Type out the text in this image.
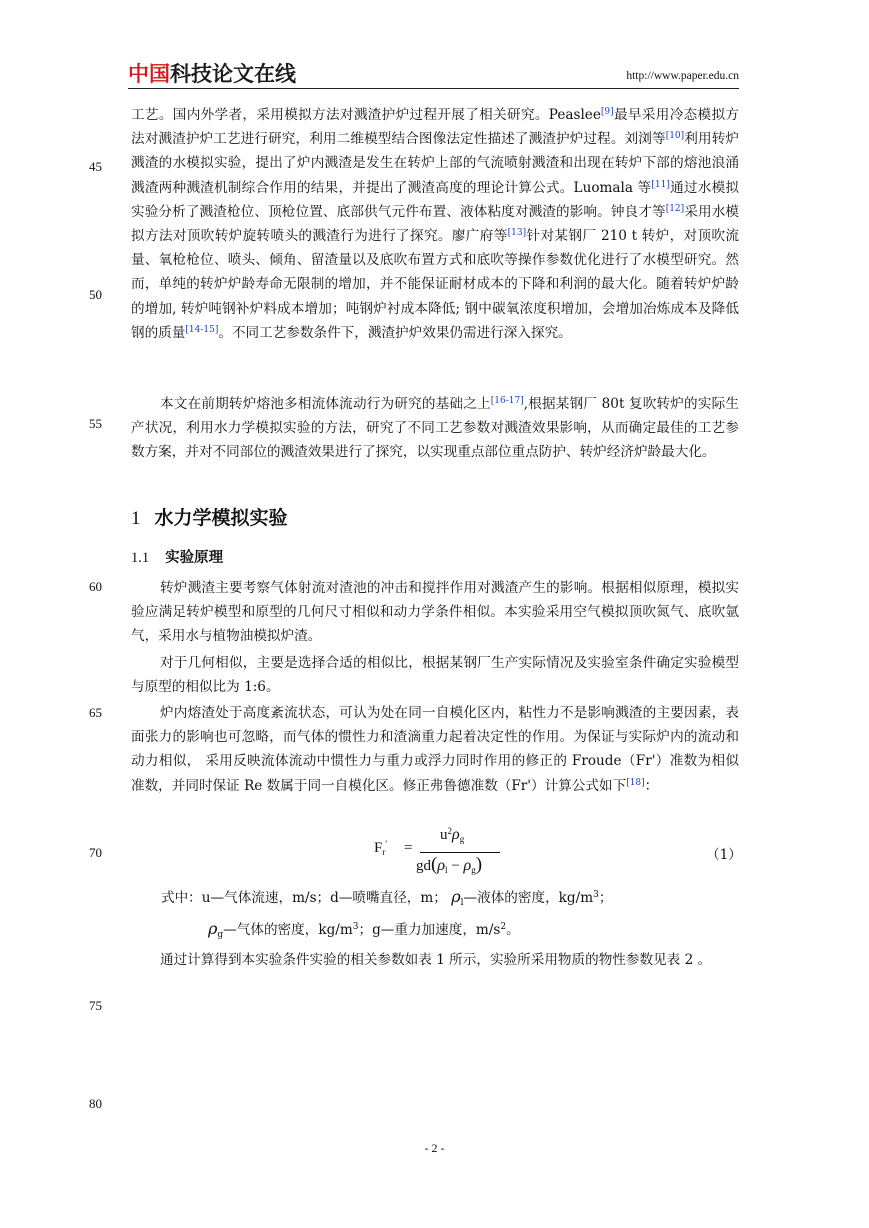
中国科技论文在线	http://www.paper.edu.cn
45
50
55
60
65
70
75
80

工艺。国内外学者，采用模拟方法对溅渣护炉过程开展了相关研究。Peaslee[9]最早采用冷态模拟方法对溅渣护炉工艺进行研究，利用二维模型结合图像法定性描述了溅渣护炉过程。刘浏等[10]利用转炉溅渣的水模拟实验，提出了炉内溅渣是发生在转炉上部的气流喷射溅渣和出现在转炉下部的熔池浪涌溅渣两种溅渣机制综合作用的结果，并提出了溅渣高度的理论计算公式。Luomala 等[11]通过水模拟实验分析了溅渣枪位、顶枪位置、底部供气元件布置、液体粘度对溅渣的影响。钟良才等[12]采用水模拟方法对顶吹转炉旋转喷头的溅渣行为进行了探究。廖广府等[13]针对某钢厂 210 t 转炉，对顶吹流量、氧枪枪位、喷头、倾角、留渣量以及底吹布置方式和底吹等操作参数优化进行了水模型研究。然而，单纯的转炉炉龄寿命无限制的增加，并不能保证耐材成本的下降和利润的最大化。随着转炉炉龄的增加, 转炉吨钢补炉料成本增加；吨钢炉衬成本降低; 钢中碳氧浓度积增加，会增加冶炼成本及降低钢的质量[14-15]。不同工艺参数条件下，溅渣护炉效果仍需进行深入探究。

本文在前期转炉熔池多相流体流动行为研究的基础之上[16-17],根据某钢厂 80t 复吹转炉的实际生产状况，利用水力学模拟实验的方法，研究了不同工艺参数对溅渣效果影响，从而确定最佳的工艺参数方案，并对不同部位的溅渣效果进行了探究，以实现重点部位重点防护、转炉经济炉龄最大化。

1 水力学模拟实验
1.1 实验原理

转炉溅渣主要考察气体射流对渣池的冲击和搅拌作用对溅渣产生的影响。根据相似原理，模拟实验应满足转炉模型和原型的几何尺寸相似和动力学条件相似。本实验采用空气模拟顶吹氮气、底吹氩气，采用水与植物油模拟炉渣。

对于几何相似，主要是选择合适的相似比，根据某钢厂生产实际情况及实验室条件确定实验模型与原型的相似比为 1:6。

炉内熔渣处于高度紊流状态，可认为处在同一自模化区内，粘性力不是影响溅渣的主要因素，表面张力的影响也可忽略，而气体的惯性力和渣滴重力起着决定性的作用。为保证与实际炉内的流动和动力相似， 采用反映流体流动中惯性力与重力或浮力同时作用的修正的 Froude（Fr'）准数为相似准数，并同时保证 Re 数属于同一自模化区。修正弗鲁德准数（Fr'）计算公式如下[18]：

$F_r'$ =
$u^2\rho_g$
$gd(\rho_l - \rho_g)$	（1）
式中：u—气体流速，m/s；d—喷嘴直径，m； $\rho_l—$液体的密度，$kg/m^3$；
$\rho_g—$气体的密度，$kg/m^3$；g—重力加速度，$m/s^2$。

通过计算得到本实验条件实验的相关参数如表 1 所示，实验所采用物质的物性参数见表 2 。

- 2 -
